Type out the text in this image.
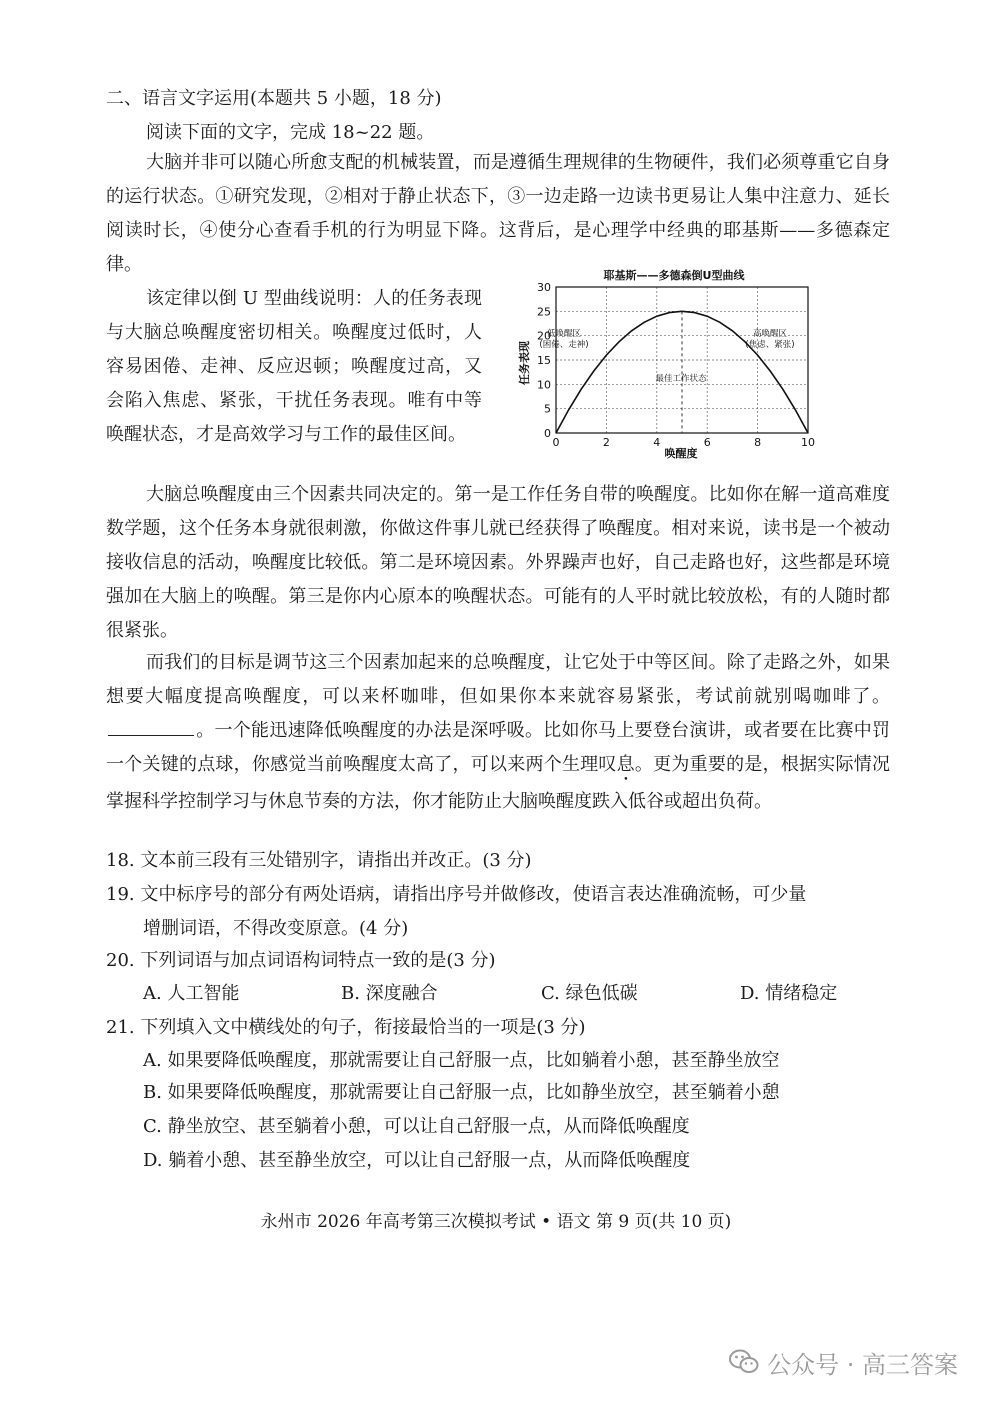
二、语言文字运用(本题共 5 小题，18 分)
阅读下面的文字，完成 18~22 题。
大脑并非可以随心所愈支配的机械装置，而是遵循生理规律的生物硬件，我们必须尊重它自身的运行状态。①研究发现，②相对于静止状态下，③一边走路一边读书更易让人集中注意力、延长阅读时长，④使分心查看手机的行为明显下降。这背后，是心理学中经典的耶基斯——多德森定律。
该定律以倒 U 型曲线说明：人的任务表现与大脑总唤醒度密切相关。唤醒度过低时，人容易困倦、走神、反应迟顿；唤醒度过高，又会陷入焦虑、紧张，干扰任务表现。唯有中等唤醒状态，才是高效学习与工作的最佳区间。
耶基斯——多德森倒U型曲线
0
5
10
15
20
25
30
0	2	4	6	8	10
低唤醒区
(困倦、走神)
高唤醒区
(焦虑、紧张)
最佳工作状态
唤醒度
任务表现
大脑总唤醒度由三个因素共同决定的。第一是工作任务自带的唤醒度。比如你在解一道高难度数学题，这个任务本身就很刺激，你做这件事儿就已经获得了唤醒度。相对来说，读书是一个被动接收信息的活动，唤醒度比较低。第二是环境因素。外界躁声也好，自己走路也好，这些都是环境强加在大脑上的唤醒。第三是你内心原本的唤醒状态。可能有的人平时就比较放松，有的人随时都很紧张。
而我们的目标是调节这三个因素加起来的总唤醒度，让它处于中等区间。除了走路之外，如果想要大幅度提高唤醒度，可以来杯咖啡，但如果你本来就容易紧张，考试前就别喝咖啡了。。一个能迅速降低唤醒度的办法是深呼吸。比如你马上要登台演讲，或者要在比赛中罚一个关键的点球，你感觉当前唤醒度太高了，可以来两个生理叹息。更为重要的是，根据实际情况掌握科学控制学习与休息节奏的方法，你才能防止大脑唤醒度跌入低谷或超出负荷。
18. 文本前三段有三处错别字，请指出并改正。(3 分)
19. 文中标序号的部分有两处语病，请指出序号并做修改，使语言表达准确流畅，可少量
增删词语，不得改变原意。(4 分)
20. 下列词语与加点词语构词特点一致的是(3 分)
A. 人工智能	B. 深度融合	C. 绿色低碳	D. 情绪稳定
21. 下列填入文中横线处的句子，衔接最恰当的一项是(3 分)
A. 如果要降低唤醒度，那就需要让自己舒服一点，比如躺着小憩，甚至静坐放空
B. 如果要降低唤醒度，那就需要让自己舒服一点，比如静坐放空，甚至躺着小憩
C. 静坐放空、甚至躺着小憩，可以让自己舒服一点，从而降低唤醒度
D. 躺着小憩、甚至静坐放空，可以让自己舒服一点，从而降低唤醒度
永州市 2026 年高考第三次模拟考试 • 语文 第 9 页(共 10 页)
公众号 · 高三答案
